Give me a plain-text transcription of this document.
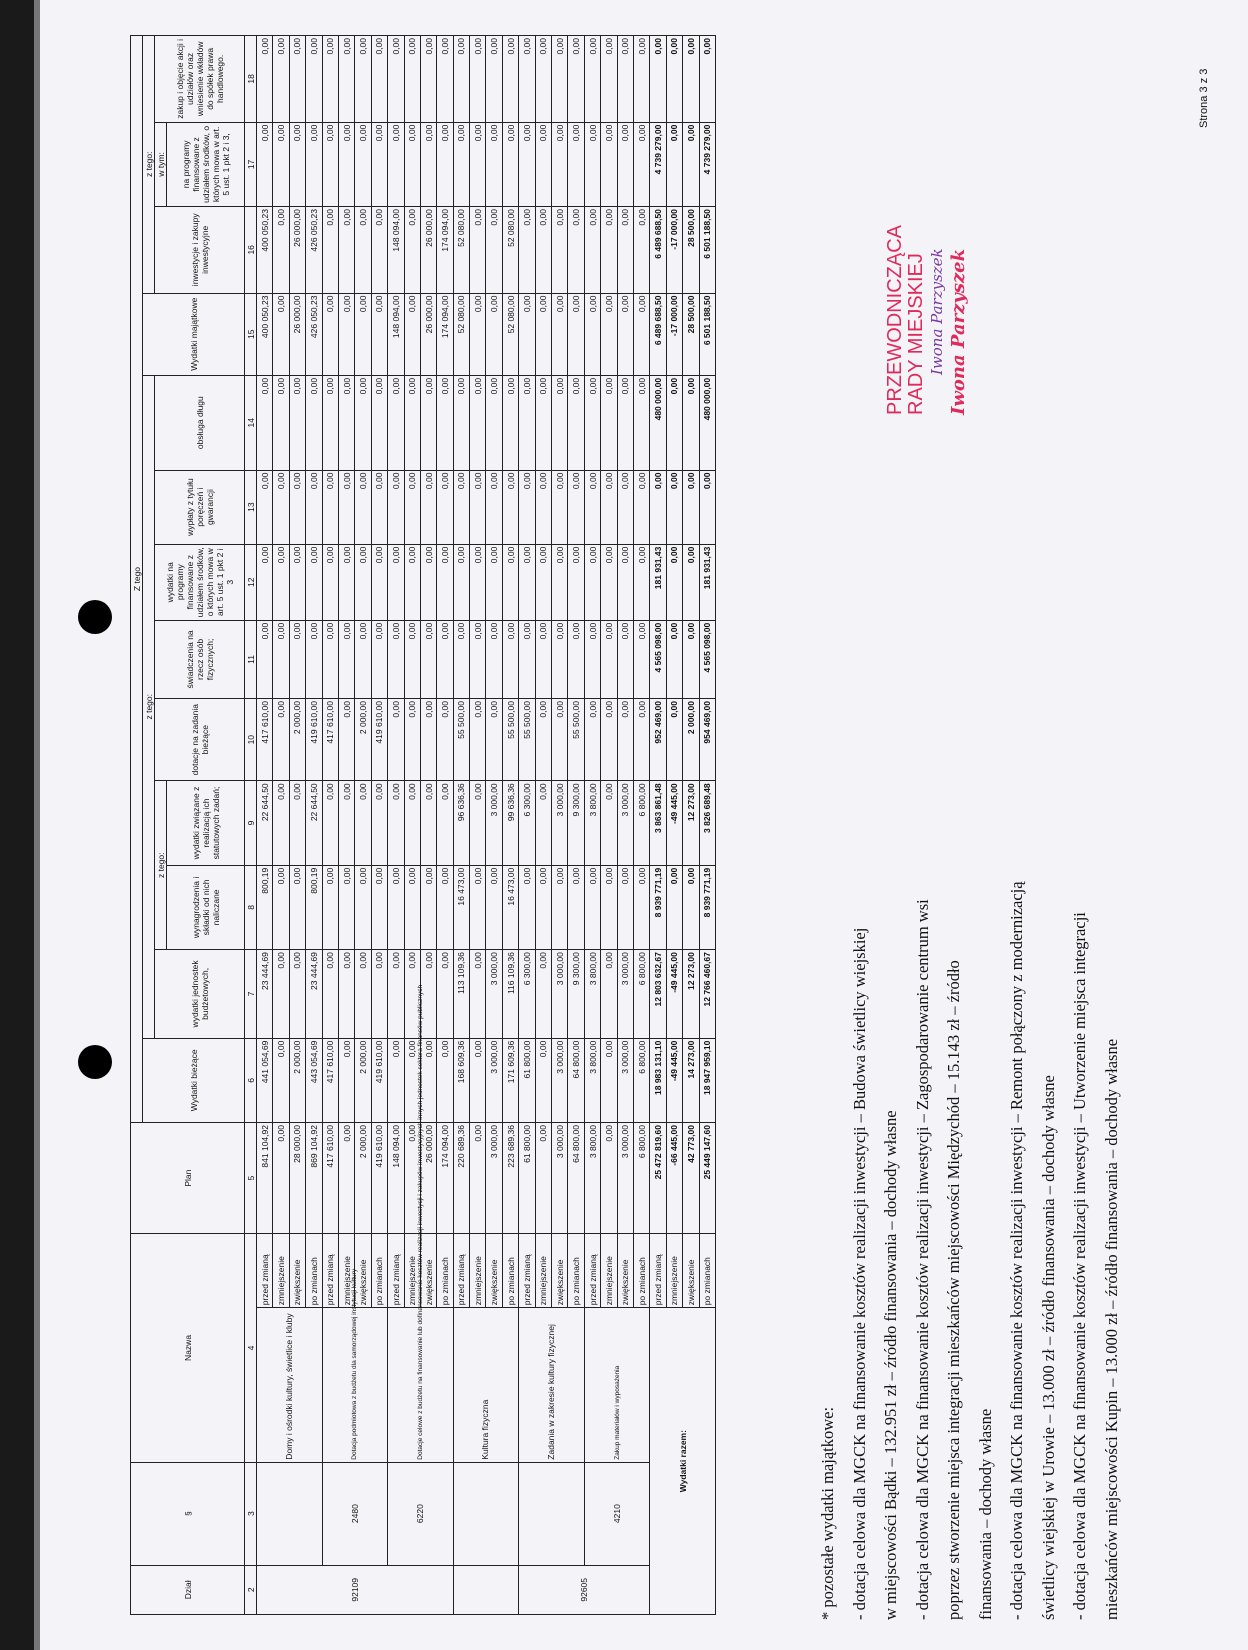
Strona 3 z 3
Dział	§	Nazwa		Plan	Z tego												
					Wydatki bieżące	z tego:								Wydatki majątkowe	z tego:		
						wydatki jednostek budżetowych,	z tego:		dotacje na zadania bieżące	świadczenia na rzecz osób fizycznych;	wydatki na programy finansowane z udziałem środków, o których mowa w art. 5 ust. 1 pkt 2 i 3	wypłaty z tytułu poręczeń i gwarancji	obsługa długu		inwestycje i zakupy inwestycyjne	w tym:	zakup i objęcie akcji i udziałów oraz wniesienie wkładów do spółek prawa handlowego.
							wynagrodzenia i składki od nich naliczane	wydatki związane z realizacją ich statutowych zadań;								na programy finansowane z udziałem środków, o których mowa w art. 5 ust. 1 pkt 2 i 3,	
2	3	4		5	6	7	8	9	10	11	12	13	14	15	16	17	18
92109		Domy i ośrodki kultury, świetlice i kluby	przed zmianą	841 104,92	441 054,69	23 444,69	800,19	22 644,50	417 610,00	0,00	0,00	0,00	0,00	400 050,23	400 050,23	0,00	0,00
			zmniejszenie	0,00	0,00	0,00	0,00	0,00	0,00	0,00	0,00	0,00	0,00	0,00	0,00	0,00	0,00
			zwiększenie	28 000,00	2 000,00	0,00	0,00	0,00	2 000,00	0,00	0,00	0,00	0,00	26 000,00	26 000,00	0,00	0,00
			po zmianach	869 104,92	443 054,69	23 444,69	800,19	22 644,50	419 610,00	0,00	0,00	0,00	0,00	426 050,23	426 050,23	0,00	0,00
	2480	Dotacja podmiotowa z budżetu dla samorządowej instytucji kultury	przed zmianą	417 610,00	417 610,00	0,00	0,00	0,00	417 610,00	0,00	0,00	0,00	0,00	0,00	0,00	0,00	0,00
			zmniejszenie	0,00	0,00	0,00	0,00	0,00	0,00	0,00	0,00	0,00	0,00	0,00	0,00	0,00	0,00
			zwiększenie	2 000,00	2 000,00	0,00	0,00	0,00	2 000,00	0,00	0,00	0,00	0,00	0,00	0,00	0,00	0,00
			po zmianach	419 610,00	419 610,00	0,00	0,00	0,00	419 610,00	0,00	0,00	0,00	0,00	0,00	0,00	0,00	0,00
	6220	Dotacje celowe z budżetu na finansowanie lub dofinansowanie kosztów realizacji inwestycji i zakupów inwestycyjnych innych jednostek sektora finansów publicznych	przed zmianą	148 094,00	0,00	0,00	0,00	0,00	0,00	0,00	0,00	0,00	0,00	148 094,00	148 094,00	0,00	0,00
			zmniejszenie	0,00	0,00	0,00	0,00	0,00	0,00	0,00	0,00	0,00	0,00	0,00	0,00	0,00	0,00
			zwiększenie	26 000,00	0,00	0,00	0,00	0,00	0,00	0,00	0,00	0,00	0,00	26 000,00	26 000,00	0,00	0,00
			po zmianach	174 094,00	0,00	0,00	0,00	0,00	0,00	0,00	0,00	0,00	0,00	174 094,00	174 094,00	0,00	0,00
		Kultura fizyczna	przed zmianą	220 689,36	168 609,36	113 109,36	16 473,00	96 636,36	55 500,00	0,00	0,00	0,00	0,00	52 080,00	52 080,00	0,00	0,00
			zmniejszenie	0,00	0,00	0,00	0,00	0,00	0,00	0,00	0,00	0,00	0,00	0,00	0,00	0,00	0,00
			zwiększenie	3 000,00	3 000,00	3 000,00	0,00	3 000,00	0,00	0,00	0,00	0,00	0,00	0,00	0,00	0,00	0,00
			po zmianach	223 689,36	171 609,36	116 109,36	16 473,00	99 636,36	55 500,00	0,00	0,00	0,00	0,00	52 080,00	52 080,00	0,00	0,00
92605		Zadania w zakresie kultury fizycznej	przed zmianą	61 800,00	61 800,00	6 300,00	0,00	6 300,00	55 500,00	0,00	0,00	0,00	0,00	0,00	0,00	0,00	0,00
			zmniejszenie	0,00	0,00	0,00	0,00	0,00	0,00	0,00	0,00	0,00	0,00	0,00	0,00	0,00	0,00
			zwiększenie	3 000,00	3 000,00	3 000,00	0,00	3 000,00	0,00	0,00	0,00	0,00	0,00	0,00	0,00	0,00	0,00
			po zmianach	64 800,00	64 800,00	9 300,00	0,00	9 300,00	55 500,00	0,00	0,00	0,00	0,00	0,00	0,00	0,00	0,00
	4210	Zakup materiałów i wyposażenia	przed zmianą	3 800,00	3 800,00	3 800,00	0,00	3 800,00	0,00	0,00	0,00	0,00	0,00	0,00	0,00	0,00	0,00
			zmniejszenie	0,00	0,00	0,00	0,00	0,00	0,00	0,00	0,00	0,00	0,00	0,00	0,00	0,00	0,00
			zwiększenie	3 000,00	3 000,00	3 000,00	0,00	3 000,00	0,00	0,00	0,00	0,00	0,00	0,00	0,00	0,00	0,00
			po zmianach	6 800,00	6 800,00	6 800,00	0,00	6 800,00	0,00	0,00	0,00	0,00	0,00	0,00	0,00	0,00	0,00
Wydatki razem:			przed zmianą	25 472 819,60	18 983 131,10	12 803 632,67	8 939 771,19	3 863 861,48	952 469,00	4 565 098,00	181 931,43	0,00	480 000,00	6 489 688,50	6 489 688,50	4 739 279,00	0,00
			zmniejszenie	-66 445,00	-49 445,00	-49 445,00	0,00	-49 445,00	0,00	0,00	0,00	0,00	0,00	-17 000,00	-17 000,00	0,00	0,00
			zwiększenie	42 773,00	14 273,00	12 273,00	0,00	12 273,00	2 000,00	0,00	0,00	0,00	0,00	28 500,00	28 500,00	0,00	0,00
			po zmianach	25 449 147,60	18 947 959,10	12 766 460,67	8 939 771,19	3 826 689,48	954 469,00	4 565 098,00	181 931,43	0,00	480 000,00	6 501 188,50	6 501 188,50	4 739 279,00	0,00
* pozostałe wydatki majątkowe: - dotacja celowa dla MGCK na finansowanie kosztów realizacji inwestycji – Budowa świetlicy wiejskiej w miejscowości Bądki – 132.951 zł – źródło finansowania – dochody własne - dotacja celowa dla MGCK na finansowanie kosztów realizacji inwestycji – Zagospodarowanie centrum wsi poprzez stworzenie miejsca integracji mieszkańców miejscowości Międzychód – 15.143 zł – źródło finansowania – dochody własne - dotacja celowa dla MGCK na finansowanie kosztów realizacji inwestycji – Remont połączony z modernizacją świetlicy wiejskiej w Urowie – 13.000 zł – źródło finansowania – dochody własne - dotacja celowa dla MGCK na finansowanie kosztów realizacji inwestycji – Utworzenie miejsca integracji mieszkańców miejscowości Kupin – 13.000 zł – źródło finansowania – dochody własne
PRZEWODNICZĄCA RADY MIEJSKIEJ Iwona Parzyszek Iwona Parzyszek
